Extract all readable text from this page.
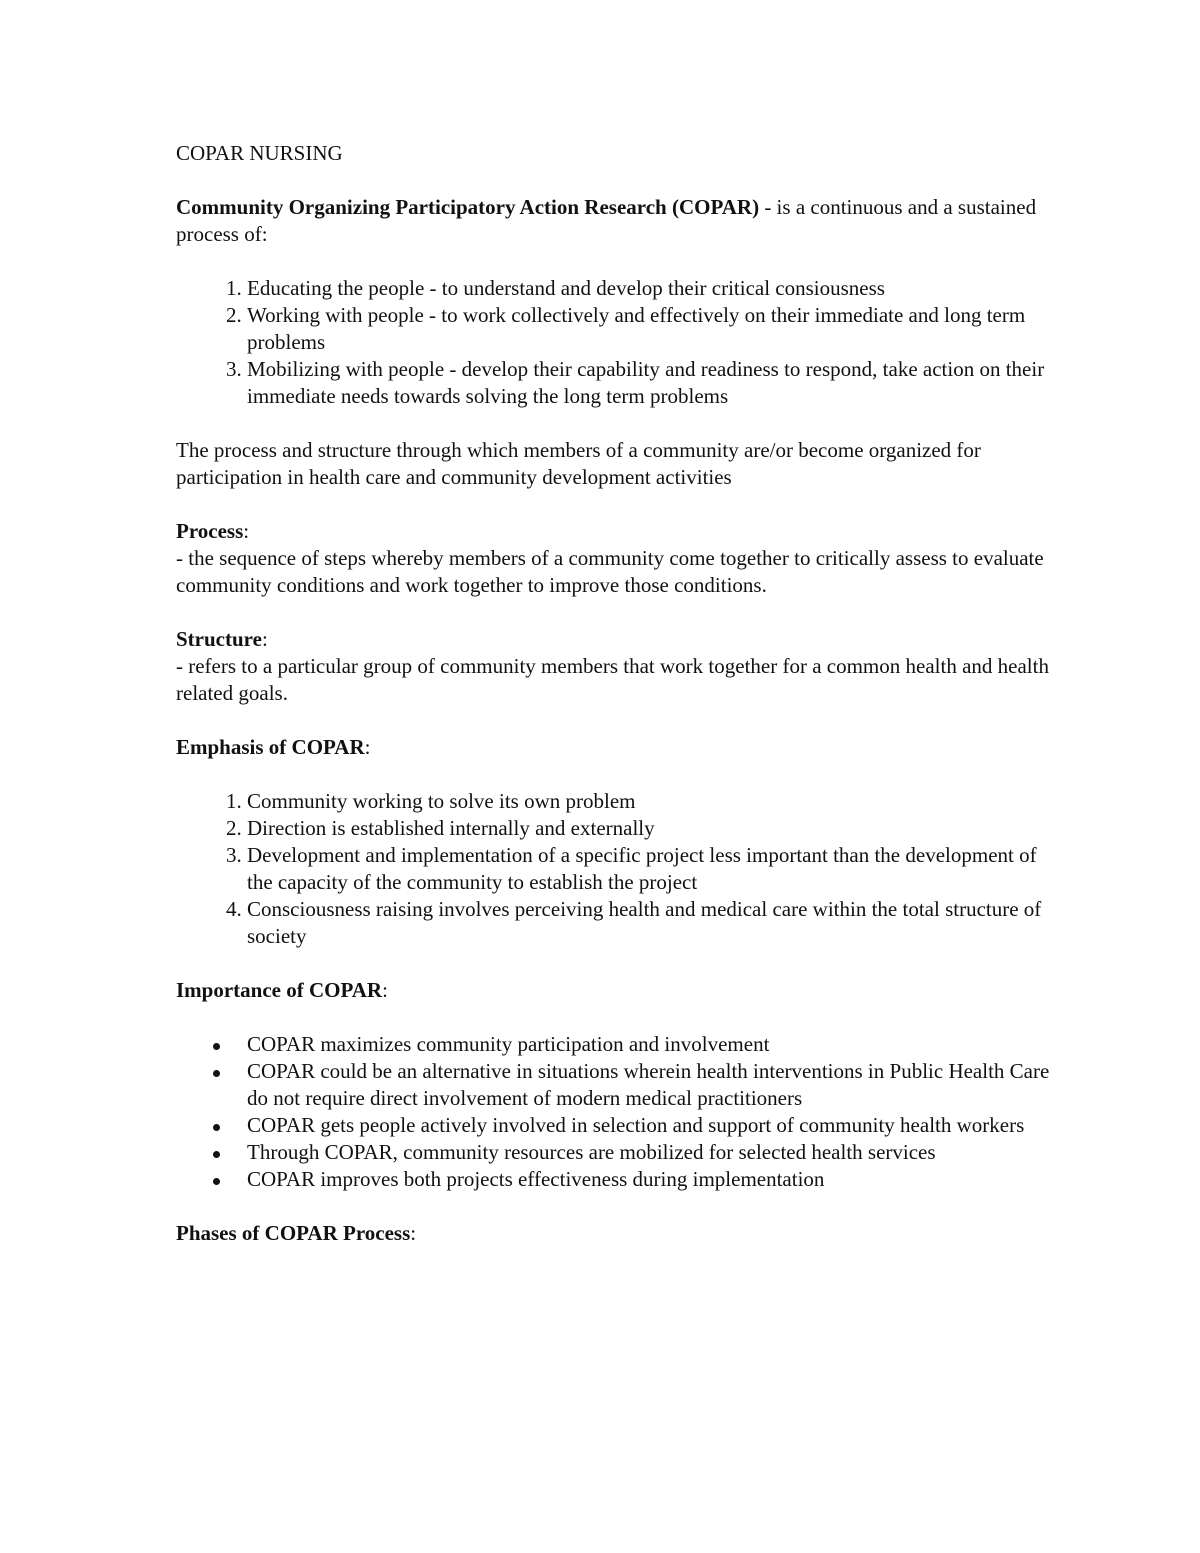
COPAR NURSING

Community Organizing Participatory Action Research (COPAR) - is a continuous and a sustained process of:

1. Educating the people - to understand and develop their critical consiousness
2. Working with people - to work collectively and effectively on their immediate and long term problems
3. Mobilizing with people - develop their capability and readiness to respond, take action on their immediate needs towards solving the long term problems

The process and structure through which members of a community are/or become organized for participation in health care and community development activities

Process:

- the sequence of steps whereby members of a community come together to critically assess to evaluate community conditions and work together to improve those conditions.

Structure:

- refers to a particular group of community members that work together for a common health and health related goals.

Emphasis of COPAR:

1. Community working to solve its own problem
2. Direction is established internally and externally
3. Development and implementation of a specific project less important than the development of the capacity of the community to establish the project
4. Consciousness raising involves perceiving health and medical care within the total structure of society

Importance of COPAR:

COPAR maximizes community participation and involvement
COPAR could be an alternative in situations wherein health interventions in Public Health Care do not require direct involvement of modern medical practitioners
COPAR gets people actively involved in selection and support of community health workers
Through COPAR, community resources are mobilized for selected health services
COPAR improves both projects effectiveness during implementation

Phases of COPAR Process:
